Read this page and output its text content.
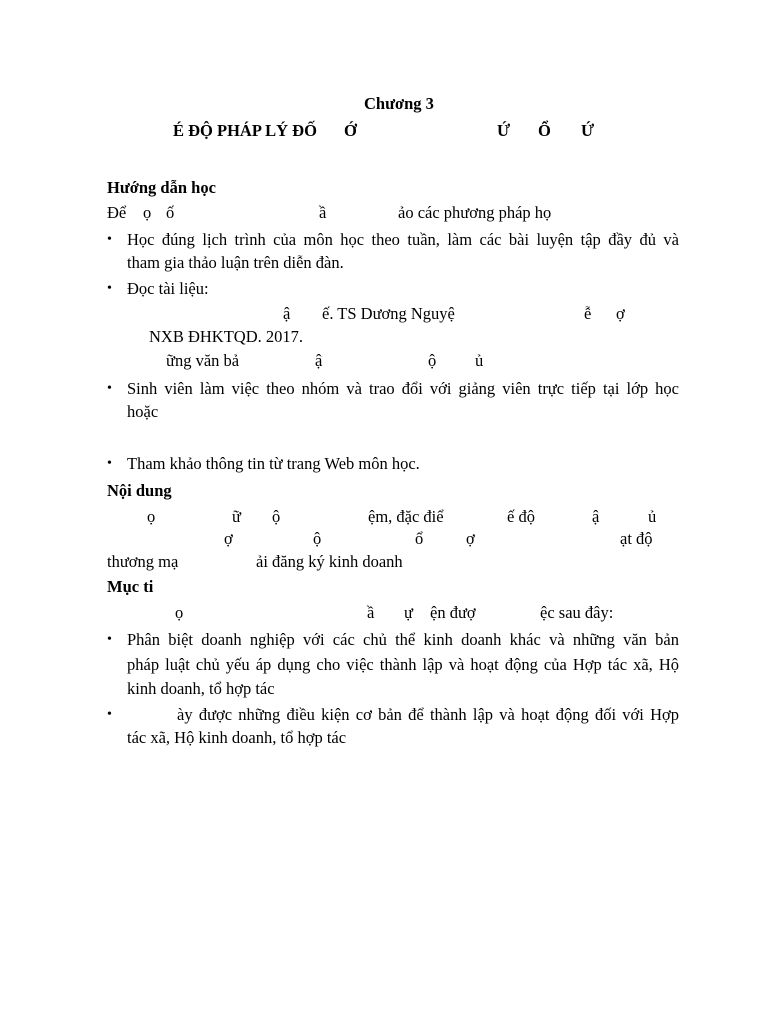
Chương 3
É ĐỘ PHÁP LÝ ĐỐ Ớ	Ứ Ổ Ứ
Hướng dẫn học
Để ọ ố	ầ	ảo các phương pháp họ
• Học đúng lịch trình của môn học theo tuần, làm các bài luyện tập đầy đủ và
tham gia thảo luận trên diễn đàn.
• Đọc tài liệu:
ậ ế. TS Dương Nguyệ	ễ ợ
NXB ĐHKTQD. 2017.
ững văn bả	ậ	ộ ủ
• Sinh viên làm việc theo nhóm và trao đổi với giảng viên trực tiếp tại lớp học
hoặc
• Tham khảo thông tin từ trang Web môn học.
Nội dung
ọ	ữ ộ	ệm, đặc điể	ế độ	ậ	ủ
ợ	ộ	ổ	ợ	ạt độ
thương mạ	ải đăng ký kinh doanh
Mục ti
ọ	ầ ự ện đượ	ệc sau đây:
• Phân biệt doanh nghiệp với các chủ thể kinh doanh khác và những văn bản
pháp luật chủ yếu áp dụng cho việc thành lập và hoạt động của Hợp tác xã, Hộ
kinh doanh, tổ hợp tác
•	ày được những điều kiện cơ bản để thành lập và hoạt động đối với Hợp
tác xã, Hộ kinh doanh, tổ hợp tác
